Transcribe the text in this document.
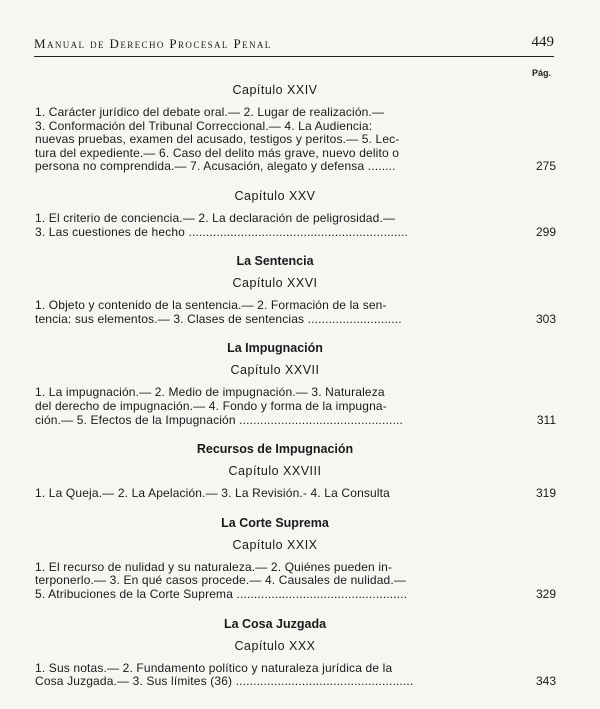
Manual de Derecho Procesal Penal	449
Pág.
Capítulo XXIV
1. Carácter jurídico del debate oral.— 2. Lugar de realización.—
3. Conformación del Tribunal Correccional.— 4. La Audiencia:
nuevas pruebas, examen del acusado, testigos y peritos.— 5. Lec-
tura del expediente.— 6. Caso del delito más grave, nuevo delito o
persona no comprendida.— 7. Acusación, alegato y defensa ........	275
Capítulo XXV
1. El criterio de conciencia.— 2. La declaración de peligrosidad.—
3. Las cuestiones de hecho ...............................................................	299
La Sentencia
Capítulo XXVI
1. Objeto y contenido de la sentencia.— 2. Formación de la sen-
tencia: sus elementos.— 3. Clases de sentencias ...........................	303
La Impugnación
Capítulo XXVII
1. La impugnación.— 2. Medio de impugnación.— 3. Naturaleza
del derecho de impugnación.— 4. Fondo y forma de la impugna-
ción.— 5. Efectos de la Impugnación ...............................................	311
Recursos de Impugnación
Capítulo XXVIII
1. La Queja.— 2. La Apelación.— 3. La Revisión.- 4. La Consulta	319
La Corte Suprema
Capítulo XXIX
1. El recurso de nulidad y su naturaleza.— 2. Quiénes pueden in-
terponerlo.— 3. En qué casos procede.— 4. Causales de nulidad.—
5. Atribuciones de la Corte Suprema .................................................	329
La Cosa Juzgada
Capítulo XXX
1. Sus notas.— 2. Fundamento político y naturaleza jurídica de la
Cosa Juzgada.— 3. Sus límites (36) ...................................................	343
